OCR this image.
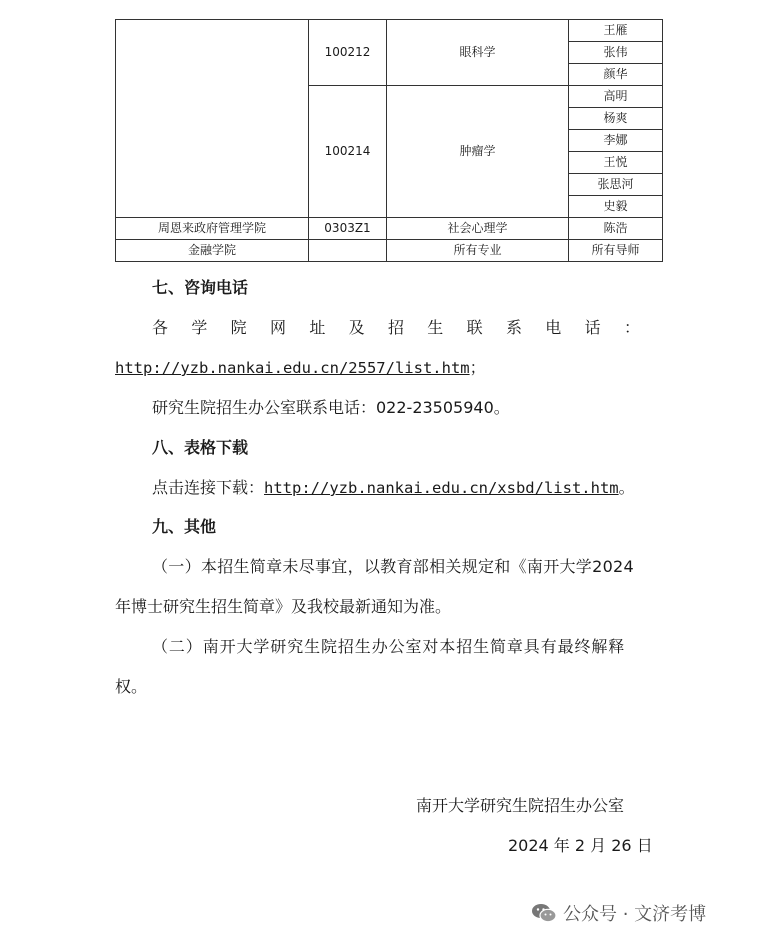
	100212	眼科学	王雁
			张伟
			颜华
	100214	肿瘤学	高明
			杨爽
			李娜
			王悦
			张思河
			史毅
周恩来政府管理学院	0303Z1	社会心理学	陈浩
金融学院		所有专业	所有导师
七、咨询电话
各 学 院 网 址 及 招 生 联 系 电 话 ：
http://yzb.nankai.edu.cn/2557/list.htm；
研究生院招生办公室联系电话：022-23505940。
八、表格下载
点击连接下载：http://yzb.nankai.edu.cn/xsbd/list.htm。
九、其他
（一）本招生简章未尽事宜，以教育部相关规定和《南开大学2024
年博士研究生招生简章》及我校最新通知为准。
（二）南开大学研究生院招生办公室对本招生简章具有最终解释
权。
南开大学研究生院招生办公室
2024 年 2 月 26 日
公众号 · 文济考博
